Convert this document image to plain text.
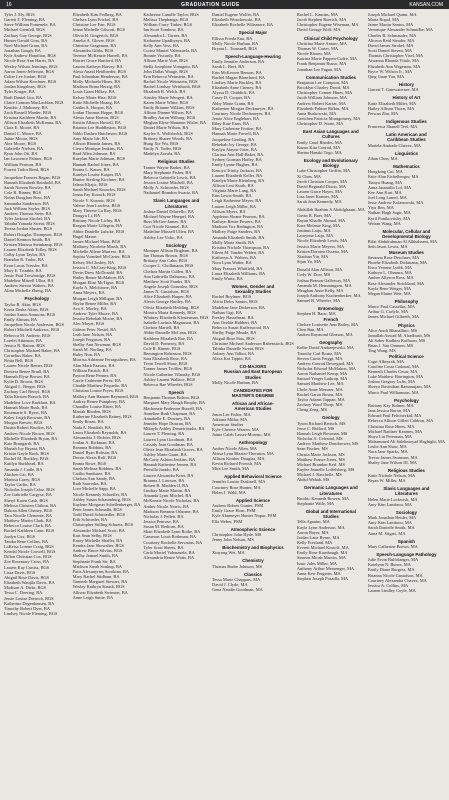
16	GRADUATION GUIDE	KANSAN.COM
Tyler J. Ely, BGS
Garrett T. Fleming, BA
Steve William Fontenele, BA
Michael Grenfell, BGS
Zachary Guy George, BGS
Hunter Gerald Goss, BA
Noel Michael Gram, BA
Jonathan Gough, BA
Kyle Andrew Hamilton, BGS
Nicole Rose Ann Harris, BA
Wesley Wilson Jennings, BGS
Aaron Jones-Jefferson, BGS
Colter Lee Jordan, BGS
Adam Wilson Kerchner, BGS
Jordan Kingsbury, BGS
Tyler Kruger, BA
Rudi Daniel Lira, BA
Claire Carmen MacLachlan, BGS
Kendric J. Mahoney, BA
Zach Russell Marder, BGS
Kristina Kathleen Martin, BA
Allison Elizabeth McKenna, BA
Clara E. Moore, BA
Daniel C. Moore, BA
Jaime Moore, BGS
Alex Moore, BGS
Gabrielle Nielsen, BA
Ryan John Ott, BA
Ian Lawrence Palmer, BGS
William Pearson, BA
Forrest Tudor Reed, BGS
Jacqueline Frances Regan, BGS
Hannah Elizabeth Reinhold, BA
Sarah Noreen Rowley, BA
Cole R. Rinner, BGS
Nolan Douglass Ross, BA
Samantha Sanderson, BA
Jack William Sayler, BGS
Andrew Thomas Stein, BA
Tyler Jackson Strobel, BA
Tabitha Yamada Sweat, BGS
Teresa Jordan Sluster, BGS
Robert Douglas Thompson, BGS
Daniel Kennon Smith, BA
Kristen Marissa Steinkamp, BGS
Lauren Elizabeth Tolley, BGS
Colby Lynn Taylor, BA
Brandon R. Tudor, BA
Evan Lucas Tressler, BA
Mary E. Trimble, BA
Jessie Paul Trowbridge, BGS
Madeline Mitzell Ulloa, BA
Andrew Steven Walters, BA
Alina Michelle Zheng, BA
Psychology
Taylor R. Akin, BGS
Kezia Dasha Akins, BGS
Jordan Aaron Ammons, BGS
Emily Altman, BA
Jacqueline Nicole Anderson, BGS
Robert Mitchell Andrews, BGS
Rebecca M. Andrew, BGS
Lorelei Atkinson, BA
Jessica R. Batton, BGS
Christopher Michael Baker, BA
Cornelius Baker, BA
Britta Bell, BGS
Lauren Nicole Bemer, BGS
Dontera Renee Bradl, BA
Hannah Elyse Brown, BA
Kylie D. Brown, BGS
Abigail L. Berger, BGS
Zachary Carl Berryl, BGS
Talia Kirsten Boruch, BA
Madeline Love Burkhart, BA
Hannah Marie Bush, BA
Rosemarie S. Byers, BA
Kaley Leigh Brownie, BA
Morgan Brewer, BGS
Dustin Robert Brucker, BA
Andrew Nicole Brown, BGS
Michelle Elizabeth Bryan, BA
Kate Brungardt, BA
Mariah Joy Bryant, BA
Kristin Gayle Buck, BGS
Rachel M. Buckley, BGS
Kaitlyn Burkhead, BA
Amanda J. Cadle, BA
Zhichen Cai, BA
Marissa Carey, BGS
Taylor Carlin, BA
Nicholas Joseph Caloz, BGS
Zoe Gabrielle Cargyse, BA
Sheryl Karen Cash, BGS
Melissa Christen Chilton, BA
Dakota Allen Cheney, BGS
Tara Nicolle Clemente, BA
Matthew Martin Clark, BA
Rebecca Louise Clark, BA
Rachel Kathleen Cann, BGS
Jordyn Cox, BGS
Tanika Rene Collins, BA
LaKeisa Lorene Craig, BGS
Kendal Nicole Crowell, BGS
Dillon Christian Cox, BGS
Zoe Rosemary Cross, BA
Lauren Kay Curtiss, BGS
Lissa Davis, BGS
Abigail Rose Davis, BGS
Elizabeth Waujila Davis, BA
Madison A. Dirks, BGS
Tessa C. Deering, BA
Jessie Louise Dietrich, BGS
Katherine Degenhausen, BA
Timothy Robert Dyer, BA
Lindsey Nicole Fleming, BGS
Elizabeth Kim Fedberg, BA
Chelsea Lynn Frickel, BA
Christine Lee Farr, BGS
Jenna Michelle Gilscott, BGS
Olivia H. Gingerich, BGS
Amelia A. Glover, BGS
Christine Grageman, BA
Alexandra Gibbs, BGS
Terence McKenzie Harrell, BA
Harriet Grace Hartford, BA
Lauren Kathryn Harvey, BA
Alexa Anaid Heidbreder, BGS
Paul Johnathan Henderson, BA
Molly Michaela Hines, BA
Madison Brina Herzig, BA
Louis Grant Hilkey, BA
Kelsey Marie Hise, BGS
Katie Michelle Hoang, BA
Caitlin A. Hooper, BA
Jordan Thomas Hoppe, BGS
Alexis Anne Horton, BGS
Kristin Allison Howell, BA
Brianna Lee Huddleston, BGS
Nikki Dashea Hutcheson, BGS
Amy Marie Ide, BA
Allison Rhonda James, BA
Cierra Monique Jenkins, BA
Brad Allen Johnson, BA
Kaeylan Marie Johnson, BGS
Hannah Rachel Jones, BA
Emma L. Kaiser, BA
Katelyn Louise Kasper, BA
Hunter Sterling Kirchner, BA
Jelena Kljajic, BGS
Sarah Michael Knowles, BGS
Jenna Fay Kozack, BGS
Nicole V. Kuzmic, BGS
Valerie Jean Lawless, BGS
Mary Therese La Roy, BGS
Dongyu Li, BA
Brittany Nicole Lichty, BA
Reagan Marie Lillegrin, BA
Abbie Danielle Lubcke, BGS
Hugel Mason
James Michael Maas, BGS
Mallarey Nicolette Marsh, BA
Michelle Allene Marrero, BA
Sophia Vorndael McCarter, BGS
Kelsey McCloskey, BA
Jessica C. McCray-King, BGS
Devin Drew McDonald, BA
Hailey Renee McMahon, BA
Morgan Elise McTigue, BGS
Kayla A. Melchiorre, BA
Anna Meyers, BA
Morgan Leigh Milligan, BA
Skylar Renee Miller, BA
Ava A. Morley, BA
Andrew Tyler Moore, BA
Jessica Rebekah Moore, BA
Alec Moyer, BGS
Gideon Peter Nestel, BA
Leah Jane Nelson, BA
Joseph Ferguson, BA
Shelby Ann Newman, BGS
Sarah M. Norling, BA
Haley Nun, BA
Morrisa Adrienne Ferraguthern, BA
Alan Mark Paasass, BA
William Patrick, BA
Payton Rene Penner, BA
Carrie Catherine Perez, BA
Chadde Matthew Pequeño, BA
Christina Louise Pryes, BGS
Mallory Ann Hansen Raymond, BGS
Audrey Renee Pumphrey, BA
Chandler Louise Ritter, BA
Mariah Rhoden, BGS
Katherine Elizabeth Rainey, BGS
Emily Rosen, BA
Nada A. Rendish, BA
Laura Elizabeth Reynolds, BA
Alexandria J. Richter, BGS
Jordan A. Rickman, BA
Breanna Robbins, BA
Daniel Ryan Robson, BA
Devon Alexis Rolf, BGS
Emma Rowe, BGS
Sarah Melissa Robbins, BA
Caitlin Sandusee, BA
Chelsea Ann Sandy, BA
Ruth Saavedra, BA
Lora Michelle Sapp, BA
Nicole Kennedy Schaeffer, BA
Ashley Susan Schaumburg, BGS
Kaylene Morgaset Schellenberger, BA
Peter James Schmalbi, BGS
Todd David Schmiedler, BGS
Erik Schroeder, BA
Christopher Stilling Schuetz, BGS
Alexander Michael Scott, BA
Kari Sean Selby, BGS
Kasey Michelle Shaffer, BA
Kendra Jane Showalter, BGS
Andrew Bruce Silvius, BGS
Shelby Jamael Smith, BA
Stephanie Frank Sir, BA
Madison Sarah Soukup, BA
Paris Alexanyrms Sorokina, BA
Mary Rachel Stidham, BA
Tanneeh Margaret Stewart, BA
Wesley Kathryn Strunk, BGS
Allison Elizabeth Swinson, BA
Anne Leigh Suttie, BA
Katherine Camille Taylor, BGS
Melissa Thephanga, BGS
William Curry Tinker, BGS
Ian Scott Tombow, BA
Alexandra L. Turner, BA
Katharine Upadhyaya, BA
Kelly Ann Voss, BA
Cortez Mantel Valenzuela, BA
Bonnie Viscardy, BA
Allison Marie Vore, BGS
Stella Josephine Vonugnio, BA
John Dallas Wauge, BGS
Erin Rebecca Weinstein, BA
Rachel Nicole Weinstein, BGS
Rachel Lindsay Weisbrodt, BGS
Elizabeth R. Welch, BA
Ainsley Marie Wengert, BA
Karen Marie White, BGS
Emily Brianne Wilkins, BGS
Allison Dianne Wilson, BA
Bradley Aaron Wilburg, BGS
Meghan Elyse-Shannon Wisler, BA
Daniel Marie Wilson, BA
Kaylee A. Wolfsholck, BGS
Brittney Sharee Woods, BA
Hung Xie Wu, BGS
Emily N. Yoder, BGS
Madelyn Zavala, BA
Religious Studies
Tanner Wayne Barker, BA
Mary Stephanie Fisher, BA
Rebecca Gabrielle Lewis, BA
Jessica Louise Mitchell, BA
Molly A. Schroeder, BGS
Nathaniel Brandon Swartz, BA
Slavic Languages and
Literatures
Joshua Daniel Dilavello, BA
Michael Wayne Hempel, BA
Russ McGee-James, BA
Cori Nicole Kimmel, BA
Madeline Mussell Ullen, BA
Ashley Lee Vidro, BA
Sociology
Monique Allison Brigham, BA
Ian Thomas Brown, BGS
Brittany Ann Cahn, BGS
Cooper L. Cholkmann, BGS
Chelsea Martin Cullen, BA
Ana Gabriella Dalmasso, BA
Matthew Scott Franks, BA
Angelo Joseph Gonzalez, BGS
James N. Gustafson, BGS
Alice Elizabeth Harper, BA
Alexis George Hartley, BA
Olivia Elizabeth Hedding, BGS
Monica Maria Kennedy, BGS
Whitney Elizabeth Klosterman, BGS
Isabelle Lavinia Magnuson, BA
Chelsea Martell, BA
Abbie Danielle McLean, BGS
Kathleen Elizabeth Rae, BA
David D. Pomeroy, BA
Cole R. Rinner, BGS
Remington Robinson, BGS
Sara Elizabeth Rose, BA
Tevin Terrell Shaw, BGS
Tanner James Trollier, BGS
Nicole Catherine Vilansky, BGS
Ashley Lauren Wallace, BGS
Rebecca Rae Wheeler, BGS
Speech
Benjamin Thomas Bolton, BGS
Margaret Mary Haugh Brophy, BA
Mackenzie Enderson Burrell, BA
Anneline Ruth Chapman, BA
Annabelle E. Downey, BA
Jennifer Hope Duncan, BA
Mikayla Ashley Demetrioudis, BA
Lauren T. Fleming, BA
Lauren Lynn Goodman, BA
Cassidy Jean Goodman, BA
Olivia Jean Elizabeth Graves, BA
Ashley Marie Grant, BA
McCarty Ashton Jenkins, BA
Hannah Katherine Jensen, BA
Preisilla Jurado, BA
Lauren Alexandra Kriet, BA
Brianna J. Lawson, BA
Robert B. Madden II, BA
Lindsay Marie Martin, BA
Amanda Lynn Mitchel, BA
McKenzie Nicole Nicholas, BA
Amber Nicole Norris, BA
Madison Breanna Osborne, BA
Nicholas J. Pellett, BA
Jessica Penrose, BA
Susan M. Redican, BA
Shari Elizabeth Lynn Rothe, BA
Cameron Louis Rothman, BA
Courtney Rochelle Servatius, BA
Tyler Scott Sheets, BA
Carla Maciel Valenzuela, BA
Alexandria Renee Watts, BA
Daniel Eugene Wolfer, BA
Elizabeth Wonchowski, BA
Elizabeth Rochelle Wiltsmore, BA
Special Major
Ellissa Frieda Ena, BA
Molly Nicole Hurban, BA
Bryant L. Tomsnell, BGS
Speech-Language-Hearing
Emily Jennifer Anderson, BA
Sarah L. Beet, BA
Erin McKeown Benson, BA
Rachel Magan Blanchard, BA
Lindsey Marie Buckley, BA
Elizabeth Anne Cheney, BA
Alyssa D. Chiddick, BA
Casey D. Cooper, BA
Abby Marie Crann, BA
Katherine Morgan Deckmeyer, BA
Courtney Nicole Deckmeyer, BA
Jessie Alice Englehart, BA
Riley Kate Enns, BA
Mary Catherine Fortine, BA
Hannah Marie Frevell, BA
Jacqueline Gerding, BA
Rebekah Joy George, BA
Kaylyn Alayne Grier, BA
Clarissa Ann Hall-Baker, BA
Sydney Gorman Harley, BA
Emily Lynne Hughes, BA
Kenoya Trinity Jackson, BA
Lauren Elizabeth Keller, BA
Katelyn Marie Kleinberg, BA
Allison Lexi Kurth, BA
Virginia Marie Lang, BA
Erin Lewis-Smith, BA
Leigh Katherine Meyer, BA
Lauren Leigh Miller, BA
Allison Myers, BA
Appleton Sloane Pearson, BA
Kathryn Renee Powers, BA
Madison Vox Redington, BA
Mallory Paige Sanders, BA
Amanda Elizabeth Smith, BA
Molly Marie Smith, BA
Kristina Nichole Thompson, BA
Eileen M. Vander Velden, BA
Katheryn A. Walters, BA
Nora Lynn Walter, BA
Mary Frances Whitfield, BA
Laura Elizabeth Williams, BA
Emily Wurtz, BA
Women, Gender and
Sexuality Studies
Rachel Boylmer, BGS
Alicia Delos Santos, BGS
Madeline Jane Dickerson, BA
Nathan Gigi, BA
Presley Hasselman, BA
Ann Ovelda Hubbert, BA
Rebecca Susan Kuffersrood, BA
Shelby Paige Meade, BA
Abigail Rose Pass, BGS
Christine Michael Anderson Rabenstock, BGS
Tabitha Danielle Sweat, BGS
Aubrey Ann Talbot, BA
Alexa Kai Tippin, BA
CO-MAJORS
Russian and East European
Studies
Molly Nicole Hurban, BA
CANDIDATES FOR
MASTER'S DEGREE
African and African-
American Studies
Jason Lee Fisher, MA
Adriana Millar, MA
American Studies
Kyle Cherese Warren, MA
Jaime Caleb Lasser-Moreno, MA
Anthropology
Amber Nicole Allen, MA
Alissa Lynn Blazier-Thornton, MA
Allison Kimber Douglas, MA
Kevin Richard Frowsh, MA
Mira Lee Smith, MA
Applied Behavioral Science
Jennifer Louise Dushnell, MA
Courtney Rose Hunter, MA
Helen J. Wahl, MA
Applied Science
Andrew Robert Gunter, PSM
Emily Grace Horn, PSM
Kyle Ahnmeyer Hunter Nupur, PSM
Ella Weber, PSM
Atmospheric Science
Christopher John Hyde, MS
Jenny John Nelson, MS
Biochemistry and Biophysics
Xinyong Wei, MA
Chemistry
Thomas Budre Johnson, MS
Classics
Tessa Marie Chappars, MA
David J. Clyde, MA
Gena Natalie Goodman, MA
Rachel L. Kamins, MA
Jacob Stephen Roerich, MA
Christopher Eugene Wiseman, MA
David George Wolf, MA
Clinical Child Psychology
Christina Marie Amaro, MA
Thomas W. Carter, MA
Nicole Bloom, MA
Katrina Marie Pappen-Codre, MA
Frank Benjamin Russo, MA
Jonathan Lee Pagan, MA
Communication Studies
Benjamin Lee Compton, MA
Brooklyn Charley Dowd, MA
Christopher Conner Hines, MA
Jacob William Johnson, MA
Andrew Robert Karser, MA
Elizabeth Palmer Rifkin, MA
Anna Ruskowski, MA
Gretchen Patricia Montgomery, MA
Christopher D. Stone, MA
East Asian Languages and
Cultures
Emily Carol Rhodes, MA
Kazuo Kita Conrad, MA
Sheina Hanaki Togo, MA
Ecology and Evolutionary
Biology
Luke Christopher Griffin, MA
Xi Chen, MA
Jacob Christian Cooper, MA
David Reginald Dixon, MA
Lauren Grace Hayes, MA
Lisa Janet Kramer, MA
Sarah Jean Kennedy, MA
Abdullah Ibrahim A Abdulghaani, MA
Gavin B. Baer, MA
Bayan Khadlo Ahmad, MA
Kara Melanie King, MA
Justinus Laiju, MA
Laurynne Laiju, MA
Nicole Elizabeth Lewis, MA
Jessica Marie Meyers, MA
Kristen Dorotea Ossena, MA
Xiaohan Yin, MA
Sijun Yu, MA
Donald Alan Allison, MA
Cody W. Dow, MS
Joshua Benson Galloway, MA
Amanda M. Hemmingsen, MA
Meaghan Anne Kelly, MA
Joseph Anthony Kuchenbecker, MA
Samuel B. Wheeler, MA
Entomology
Stephen H. Bacu, MA
French
Chelsee Louisette Ann Bailey, MA
Chen Ran, MA
Andrea Raymond Gleason, MA
Geography
Kolbe David Andrzejewski, MA
Timothy Carl Boutz, MA
Steven Curtis Ferggi, MA
Andrew Conrad Dewegard, MA
Nicholas Edward McMahon, MA
Aaron Nathaniel Kemp, MA
Samuel Yeager Lathrop, MA
Samuel Matthew Lee, MA
Chole Anne Messner, MA
Rachel Garon Rosen, MA
Taylor Adams Tappan, MA
Zachary Ward Thorp, MA
Cheng Zeng, MS
Geology
Tyson Richard Bertsch, MS
Jesse C. Bidford, MS
Hannah Leigh Bowman, MS
Nicholas A. Celestial, MS
Andrew Matthew Dombrower, MS
Sean Fischer, MS
Christa Marie Jackson, MS
Matthew France Jones, MS
Michael Brandon Kerl, MS
Kaylee Jeanelle Loffelsberg, MS
Michael J. Raschelle, MS
Abdul Wahab, MS
Germanic Languages and
Literatures
Brodric Kenneth Bowen, MA
Stephanie Wille, MA
Global and International
Studies
Tella Aganim, MA
Kayla Lynn Anderson, MA
Aaron Bayer, MA
Jordan Lane Byrne, MA
Kelly Freeland, MA
Everett Michael Kostoff, MA
Emily Rose Kornbaugh, MA
Simeon Micah Marvin, MA
Isaac Jules Miller, MA
Anthony Arthur Messenger, MA
Anna Kerr Pergerin, MA
Stephen Joseph Posadla, MA
Joseph Michael Quinn, MA
Maria Ropal, MA
Jaime Martin Santos, MA
Veronique Alexander Schmidbe, MA
Charles R. Schmauder, MA
Aliceon Reid Steader, MA
David James Strobel, MA
Scott Daniel Steven, MA
Thomas Christopher Visel, MA
Aiwanna Rhonda Vitale, MA
Elizabeth Ann Wagenaar, MA
Bryce W. Wilson Jr., MA
Qing Guan Yan, MA
History
Garrett T. Gatewatersee, MA
History of Art
Katie Elizabeth Miller, MA
Hailey Allison Thorn, MA
Peiwan Zhu, MA
Indigenous Studies
Francesca Shanell Teel, MA
Latin American and
Caribbean Studies
Mariela Andrade Chavez, MA
Linguistics
Zihan Chen, MA
Mathematics
Hongkang Cui, MA
Fatie Alan Eichelberger, MA
Tianyu Huang, MA
Anna Jaramillo Lol, MA
Kee Ann Kuri, MA
Joel Long Lamel, MA
Jesse Andrew Kolanowski, MA
Yiyu Ren, MA
Nathan Hugh Sagir, MA
Kyril Ponikovitsky, MA
Weiran Wang, MA
Molecular, Cellular and
Developmental Biology
Rifat Abdulrahman Al Alkhabaem, MA
Seth Jason Lewis, MA
Museum Studies
Savanna Rose Deschner, MA
Phoebe Elizabeth Dickmann, MA
Erica Yvonne Lydik, MA
Kathryn L. Ohmura, MA
Amber Allyson Ross, MA
Rose Alexander Strickland, MA
Kayla Rene Weiger, MA
Megan Elaine Weir, MA
Philosophy
Marco Paul Cassellas, MA
Arthur G. Carlyle, MA
James Michael Gilbreth, MA
Physics
Alice Anoli Bhanallino, MS
Jamallah Aswad M. Alradhush, MS
Ali Saber Kadhim Kaffoom, MS
Brian J. Van Ommen, MS
Ting Wang, MS
Political Science
Cagri Alkeyrak, MA
Caroline Costa Cadonal, MA
Kenneth Charles Cesar, MA
Luke Matthew Harrington, MA
Joshua Gregory Lufts, MA
Shreya Ravindran Ramanujam, MA
Marco Paul Williamson, MA
Psychology
Brittany Kay Bohner, MA
Jana Jessica Boron, MA
Edward Paul Felicitezkid, MA
Rebecca Allison Gillett Caldron, MA
Christina Rose Hines, MA
Michael Ratliner Kearnes, MA
Shiya Liu Peterman, MA
Mohammed Ali Salehmoyad Haghighi, MA
Leslie Ann Shaw, MA
Nora Jane Sparks, MA
Trevor James Swanson, MA
Shaley Jane Wilson III, MA
Religious Studies
Katie Nichole Nelson, MA
Bryan W. Miller, MA
Slavic Languages and
Literatures
Helen Marie Lockwish, MA
Amy Kim Lambrou, MA
Sociology
Mark Jonathan Heider, MA
Amy Kim Lambrou, MA
Sarah Danielle Smith, MA
Anna M. Stigari, MA
Spanish
Mary Catherine Brown, MA
Speech-Language Pathology
Julie Ervin Bulfolanger, MA
Katelynn N. Bunce, MA
Emily Diane Burgess, MA
Brianna Nicole Gustafson, MA
Courtney Alexandra Chavez, MA
Jessica A. Collins, MA
Lauren Lindley Coyle, MA
